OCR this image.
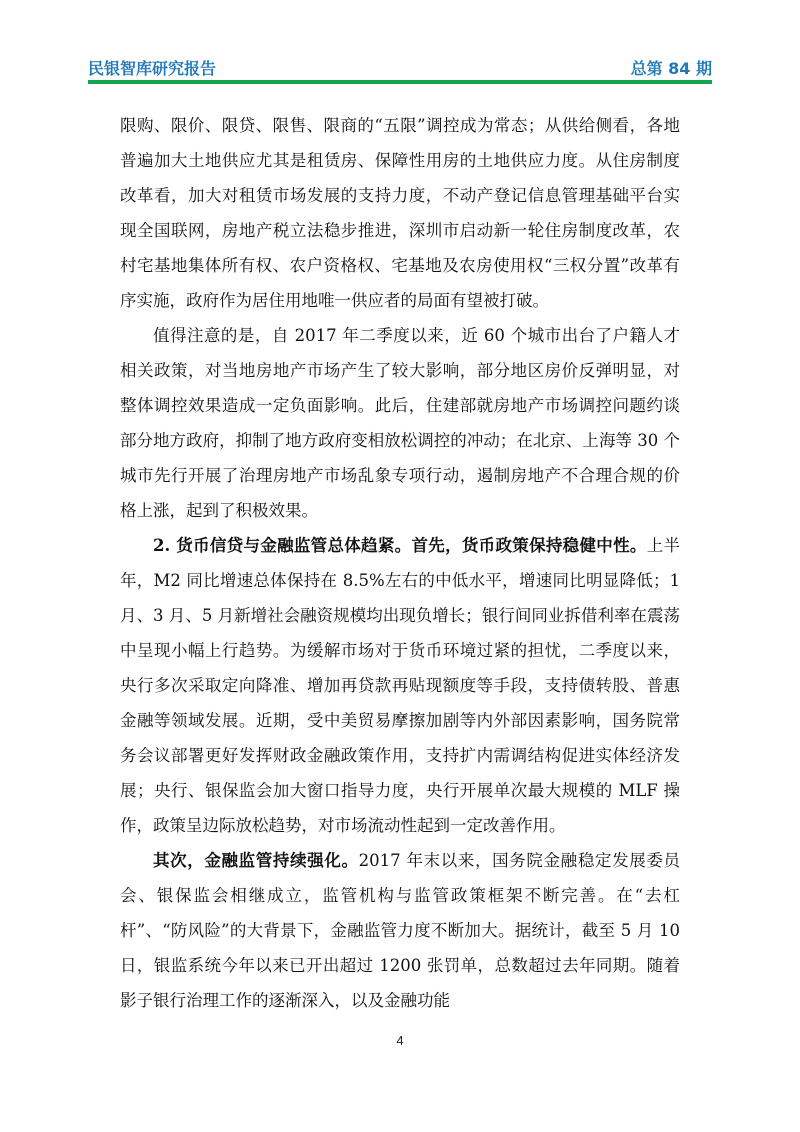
民银智库研究报告	总第 84 期

限购、限价、限贷、限售、限商的“五限”调控成为常态；从供给侧看，各地普遍加大土地供应尤其是租赁房、保障性用房的土地供应力度。从住房制度改革看，加大对租赁市场发展的支持力度，不动产登记信息管理基础平台实现全国联网，房地产税立法稳步推进，深圳市启动新一轮住房制度改革，农村宅基地集体所有权、农户资格权、宅基地及农房使用权“三权分置”改革有序实施，政府作为居住用地唯一供应者的局面有望被打破。

值得注意的是，自 2017 年二季度以来，近 60 个城市出台了户籍人才相关政策，对当地房地产市场产生了较大影响，部分地区房价反弹明显，对整体调控效果造成一定负面影响。此后，住建部就房地产市场调控问题约谈部分地方政府，抑制了地方政府变相放松调控的冲动；在北京、上海等 30 个城市先行开展了治理房地产市场乱象专项行动，遏制房地产不合理合规的价格上涨，起到了积极效果。

2. 货币信贷与金融监管总体趋紧。首先，货币政策保持稳健中性。上半年，M2 同比增速总体保持在 8.5%左右的中低水平，增速同比明显降低；1 月、3 月、5 月新增社会融资规模均出现负增长；银行间同业拆借利率在震荡中呈现小幅上行趋势。为缓解市场对于货币环境过紧的担忧，二季度以来，央行多次采取定向降准、增加再贷款再贴现额度等手段，支持债转股、普惠金融等领域发展。近期，受中美贸易摩擦加剧等内外部因素影响，国务院常务会议部署更好发挥财政金融政策作用，支持扩内需调结构促进实体经济发展；央行、银保监会加大窗口指导力度，央行开展单次最大规模的 MLF 操作，政策呈边际放松趋势，对市场流动性起到一定改善作用。

其次，金融监管持续强化。2017 年末以来，国务院金融稳定发展委员会、银保监会相继成立，监管机构与监管政策框架不断完善。在“去杠杆”、“防风险”的大背景下，金融监管力度不断加大。据统计，截至 5 月 10 日，银监系统今年以来已开出超过 1200 张罚单，总数超过去年同期。随着影子银行治理工作的逐渐深入，以及金融功能

4
